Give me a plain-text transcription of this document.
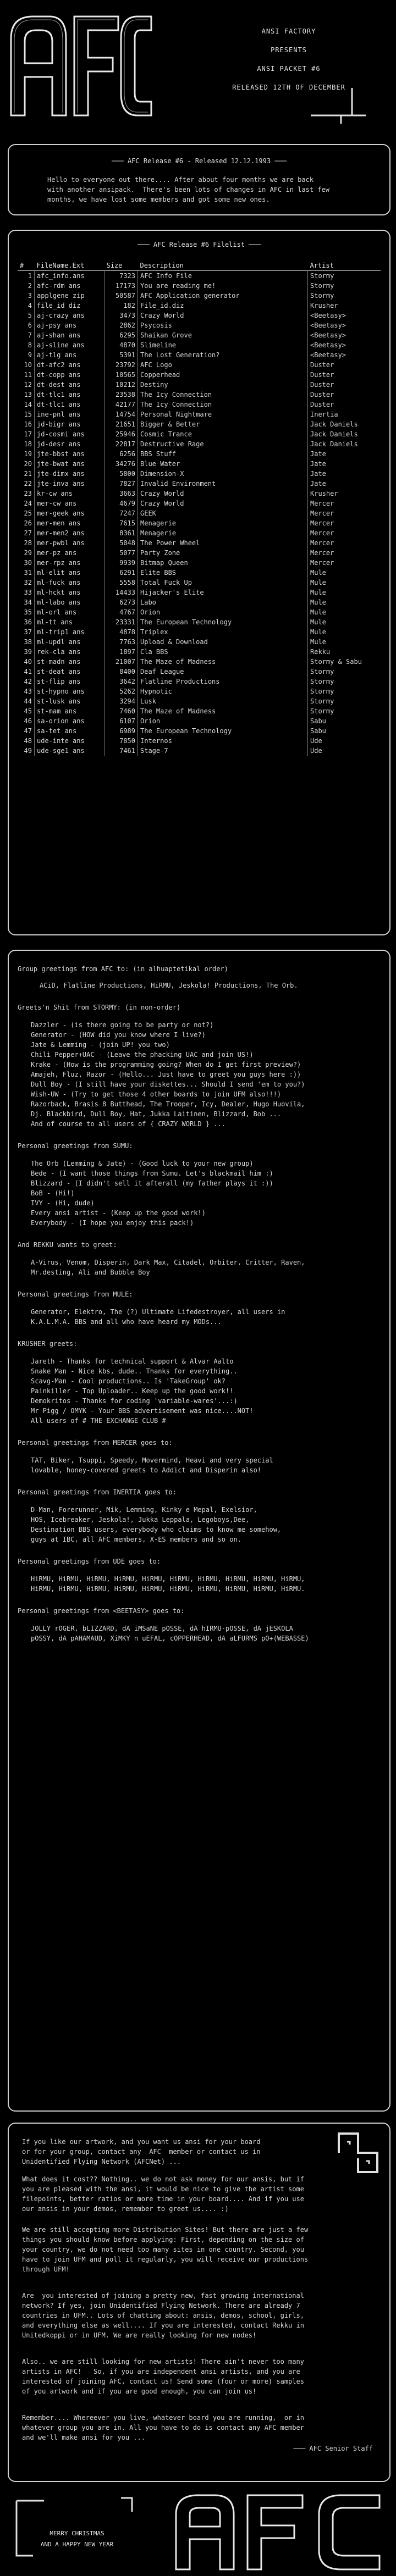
ANSI FACTORY
PRESENTS
ANSI PACKET #6
RELEASED 12TH OF DECEMBER
─── AFC Release #6 - Released 12.12.1993 ───
Hello to everyone out there.... After about four months we are back
with another ansipack.  There's been lots of changes in AFC in last few
months, we have lost some members and got some new ones.
─── AFC Release #6 Filelist ───
#	FileName.Ext	Size	Description	Artist
1	afc_info.ans	7323	AFC Info File	Stormy
2	afc-rdm ans	17173	You are reading me!	Stormy
3	applgene zip	50587	AFC Application generator	Stormy
4	file_id diz	182	File_id.diz	Krusher
5	aj-crazy ans	3473	Crazy World	<Beetasy>
6	aj-psy ans	2862	Psycosis	<Beetasy>
7	aj-shan ans	6295	Shaikan Grove	<Beetasy>
8	aj-sline ans	4870	Slimeline	<Beetasy>
9	aj-tlg ans	5391	The Lost Generation?	<Beetasy>
10	dt-afc2 ans	23792	AFC Logo	Duster
11	dt-copp ans	10565	Copperhead	Duster
12	dt-dest ans	18212	Destiny	Duster
13	dt-tlc1 ans	23538	The Icy Connection	Duster
14	dt-tlc1 ans	42177	The Icy Connection	Duster
15	ine-pnl ans	14754	Personal Nightmare	Inertia
16	jd-bigr ans	21651	Bigger & Better	Jack Daniels
17	jd-cosmi ans	25946	Cosmic Trance	Jack Daniels
18	jd-desr ans	22817	Destructive Rage	Jack Daniels
19	jte-bbst ans	6256	BBS Stuff	Jate
20	jte-bwat ans	34276	Blue Water	Jate
21	jte-dimx ans	5800	Dimension-X	Jate
22	jte-inva ans	7827	Invalid Environment	Jate
23	kr-cw ans	3663	Crazy World	Krusher
24	mer-cw ans	4679	Crazy World	Mercer
25	mer-geek ans	7247	GEEK	Mercer
26	mer-men ans	7615	Menagerie	Mercer
27	mer-men2 ans	8361	Menagerie	Mercer
28	mer-pwbl ans	5048	The Power Wheel	Mercer
29	mer-pz ans	5077	Party Zone	Mercer
30	mer-rpz ans	9939	Bitmap Queen	Mercer
31	ml-elit ans	6291	Elite BBS	Mule
32	ml-fuck ans	5558	Total Fuck Up	Mule
33	ml-hckt ans	14433	Hijacker's Elite	Mule
34	ml-labo ans	6273	Labo	Mule
35	ml-orl ans	4767	Orion	Mule
36	ml-tt ans	23331	The European Technology	Mule
37	ml-trip1 ans	4878	Triplex	Mule
38	ml-updl ans	7763	Upload & Download	Mule
39	rek-cla ans	1897	Cla BBS	Rekku
40	st-madn ans	21007	The Maze of Madness	Stormy & Sabu
41	st-deat ans	8400	Deaf League	Stormy
42	st-flip ans	3642	Flatline Productions	Stormy
43	st-hypno ans	5262	Hypnotic	Stormy
44	st-lusk ans	3294	Lusk	Stormy
45	st-mam ans	7460	The Maze of Madness	Stormy
46	sa-orion ans	6107	Orion	Sabu
47	sa-tet ans	6989	The European Technology	Sabu
48	ude-inte ans	7850	Internos	Ude
49	ude-sge1 ans	7461	Stage-7	Ude
Group greetings from AFC to: (in alhuaptetikal order)
ACiD, Flatline Productions, HiRMU, Jeskola! Productions, The Orb.
Greets'n Shit from STORMY: (in non-order)
Dazzler - (is there going to be party or not?)
Generator - (HOW did you know where I live?)
Jate & Lemming - (join UP! you two)
Chili Pepper+UAC - (Leave the phacking UAC and join US!)
Krake - (How is the programming going? When do I get first preview?)
Amajeh, Fluz, Razor - (Hello... Just have to greet you guys here :))
Dull Boy - (I still have your diskettes... Should I send 'em to you?)
Wish-UW - (Try to get those 4 other boards to join UFM also!!!)
Razorback, Brasis 8 Butthead, The Trooper, Icy, Dealer, Hugo Huovila,
Dj. Blackbird, Dull Boy, Hat, Jukka Laitinen, Blizzard, Bob ...
And of course to all users of { CRAZY WORLD } ...
Personal greetings from SUMU:
The Orb (Lemming & Jate) - (Good luck to your new group)
Bede - (I want those things from Sumu. Let's blackmail him :)
Blizzard - (I didn't sell it afterall (my father plays it :))
BoB - (Hi!)
IVY - (Hi, dude)
Every ansi artist - (Keep up the good work!)
Everybody - (I hope you enjoy this pack!)
And REKKU wants to greet:
A-Virus, Venom, Disperin, Dark Max, Citadel, Orbiter, Critter, Raven,
Mr.desting, Ali and Bubble Boy
Personal greetings from MULE:
Generator, Elektro, The (?) Ultimate Lifedestroyer, all users in
K.A.L.M.A. BBS and all who have heard my MODs...
KRUSHER greets:
Jareth - Thanks for technical support & Alvar Aalto
Snake Man - Nice kbs, dude.. Thanks for everything..
Scavg-Man - Cool productions.. Is 'TakeGroup' ok?
Painkiller - Top Uploader.. Keep up the good work!!
Demokritos - Thanks for coding 'variable-wares'...:)
Mr Pigg / OMYK - Your BBS advertisement was nice....NOT!
All users of # THE EXCHANGE CLUB #
Personal greetings from MERCER goes to:
TAT, Biker, Tsuppi, Speedy, Movermind, Heavi and very special
lovable, honey-covered greets to Addict and Disperin also!
Personal greetings from INERTIA goes to:
D-Man, Forerunner, Mik, Lemming, Kinky e Mepal, Exelsior,
HOS, Icebreaker, Jeskola!, Jukka Leppala, Legoboys,Dee,
Destination BBS users, everybody who claims to know me somehow,
guys at IBC, all AFC members, X-ES members and so on.
Personal greetings from UDE goes to:
HiRMU, HiRMU, HiRMU, HiRMU, HiRMU, HiRMU, HiRMU, HiRMU, HiRMU, HiRMU,
HiRMU, HiRMU, HiRMU, HiRMU, HiRMU, HiRMU, HiRMU, HiRMU, HiRMU, HiRMU.
Personal greetings from <BEETASY> goes to:
JOLLY rOGER, bLIZZARD, dA iMSaNE pOSSE, dA hIRMU-pOSSE, dA jESKOLA
pOSSY, dA pAHAMAUD, XiMKY n uEFAL, cOPPERHEAD, dA aLFURMS pO+(WEBASSE)
If you like our artwork, and you want us ansi for your board
or for your group, contact any  AFC  member or contact us in
Unidentified Flying Network (AFCNet) ...
What does it cost?? Nothing.. we do not ask money for our ansis, but if
you are pleased with the ansi, it would be nice to give the artist some
filepoints, better ratios or more time in your board.... And if you use
our ansis in your demos, remember to greet us.... :)
We are still accepting more Distribution Sites! But there are just a few
things you should know before applying: First, depending on the size of
your country, we do not need too many sites in one country. Second, you
have to join UFM and poll it regularly, you will receive our productions
through UFM!
Are  you interested of joining a pretty new, fast growing international
network? If yes, join Unidentified Flying Network. There are already 7
countries in UFM.. Lots of chatting about: ansis, demos, school, girls,
and everything else as well.... If you are interested, contact Rekku in
Unitedkoppi or in UFM. We are really looking for new nodes!
Also.. we are still looking for new artists! There ain't never too many
artists in AFC!   So, if you are independent ansi artists, and you are
interested of joining AFC, contact us! Send some (four or more) samples
of you artwork and if you are good enough, you can join us!
Remember.... Whereever you live, whatever board you are running,  or in
whatever group you are in. All you have to do is contact any AFC member
and we'll make ansi for you ...
─── AFC Senior Staff
MERRY CHRISTMAS
AND A HAPPY NEW YEAR
